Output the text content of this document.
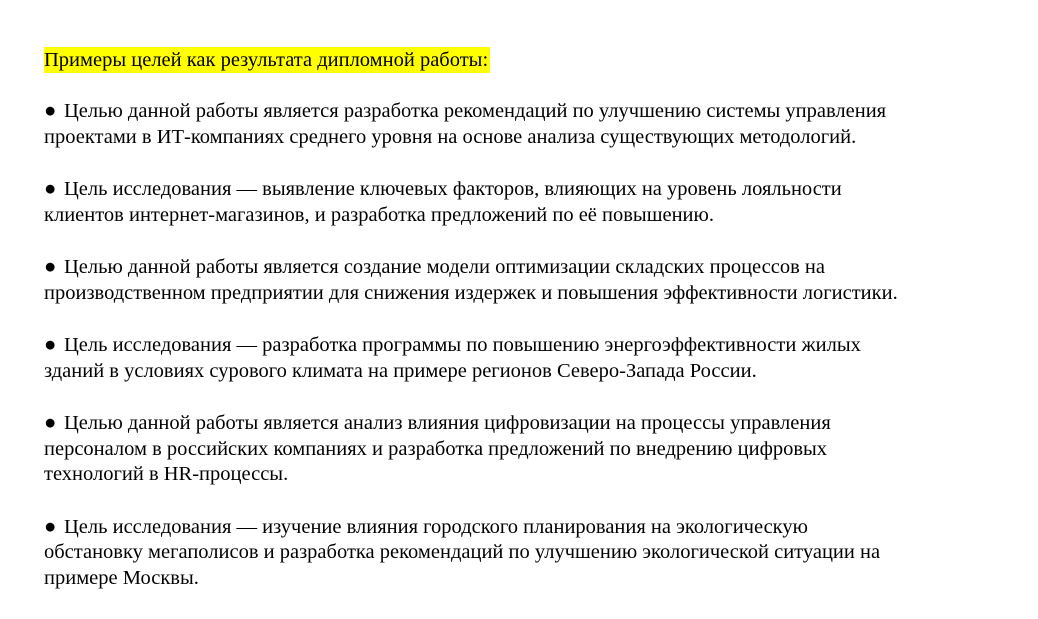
Примеры целей как результата дипломной работы:
● Целью данной работы является разработка рекомендаций по улучшению системы управления
проектами в ИТ-компаниях среднего уровня на основе анализа существующих методологий.
● Цель исследования — выявление ключевых факторов, влияющих на уровень лояльности
клиентов интернет-магазинов, и разработка предложений по её повышению.
● Целью данной работы является создание модели оптимизации складских процессов на
производственном предприятии для снижения издержек и повышения эффективности логистики.
● Цель исследования — разработка программы по повышению энергоэффективности жилых
зданий в условиях сурового климата на примере регионов Северо-Запада России.
● Целью данной работы является анализ влияния цифровизации на процессы управления
персоналом в российских компаниях и разработка предложений по внедрению цифровых
технологий в HR-процессы.
● Цель исследования — изучение влияния городского планирования на экологическую
обстановку мегаполисов и разработка рекомендаций по улучшению экологической ситуации на
примере Москвы.
